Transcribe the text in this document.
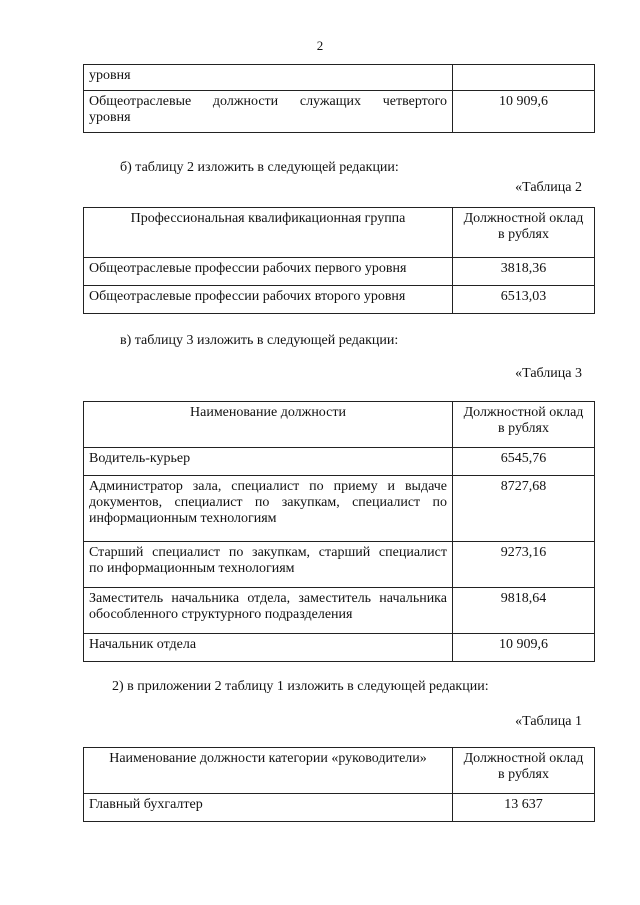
2
уровня	

Общеотраслевые должности служащих четвертого
уровня	10 909,6
б) таблицу 2 изложить в следующей редакции:
«Таблица 2
Профессиональная квалификационная группа	Должностной оклад
в рублях

Общеотраслевые профессии рабочих первого уровня	3818,36
Общеотраслевые профессии рабочих второго уровня	6513,03
в) таблицу 3 изложить в следующей редакции:
«Таблица 3
Наименование должности	Должностной оклад
в рублях

Водитель-курьер	6545,76

Администратор зала, специалист по приему и выдаче
документов, специалист по закупкам, специалист по
информационным технологиям	8727,68

Старший специалист по закупкам, старший специалист
по информационным технологиям	9273,16

Заместитель начальника отдела, заместитель начальника
обособленного структурного подразделения	9818,64
Начальник отдела	10 909,6
2) в приложении 2 таблицу 1 изложить в следующей редакции:
«Таблица 1
Наименование должности категории «руководители»	Должностной оклад
в рублях

Главный бухгалтер	13 637
